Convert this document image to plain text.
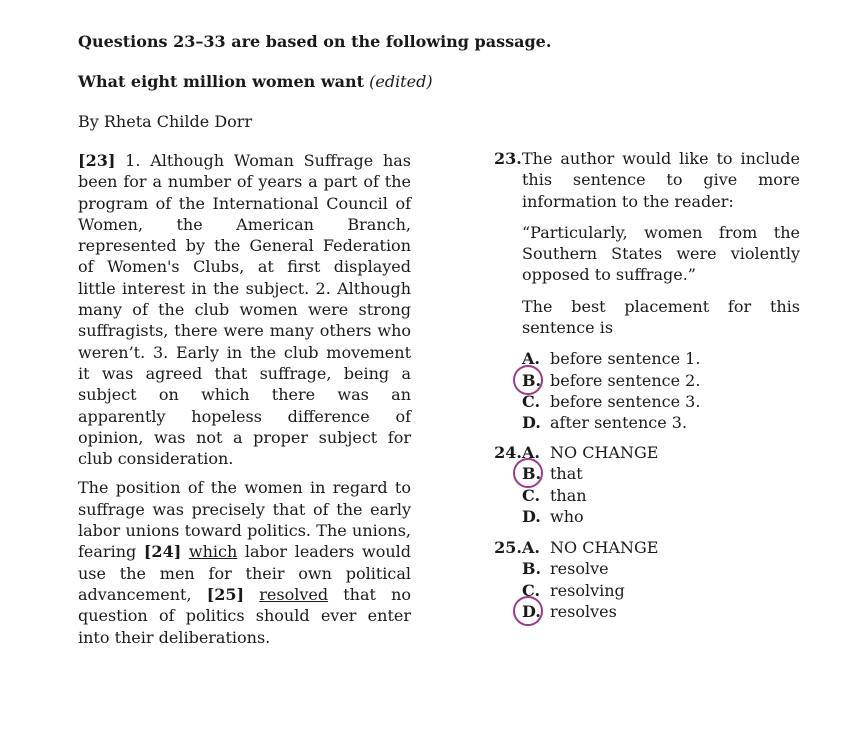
Questions 23–33 are based on the following passage.

What eight million women want (edited)

By Rheta Childe Dorr

[23] 1. Although Woman Suffrage has been for a number of years a part of the program of the International Council of Women, the American Branch, represented by the General Federation of Women's Clubs, at first displayed little interest in the subject. 2. Although many of the club women were strong suffragists, there were many others who weren’t. 3. Early in the club movement it was agreed that suffrage, being a subject on which there was an apparently hopeless difference of opinion, was not a proper subject for club consideration.

The position of the women in regard to suffrage was precisely that of the early labor unions toward politics. The unions, fearing [24] which labor leaders would use the men for their own political advancement, [25] resolved that no question of politics should ever enter into their deliberations.

23. The author would like to include this sentence to give more information to the reader:

“Particularly, women from the Southern States were violently opposed to suffrage.”

The best placement for this sentence is

A. before sentence 1.
B. before sentence 2.
C. before sentence 3.
D. after sentence 3.
24. A. NO CHANGE
B. that
C. than
D. who
25. A. NO CHANGE
B. resolve
C. resolving
D. resolves
